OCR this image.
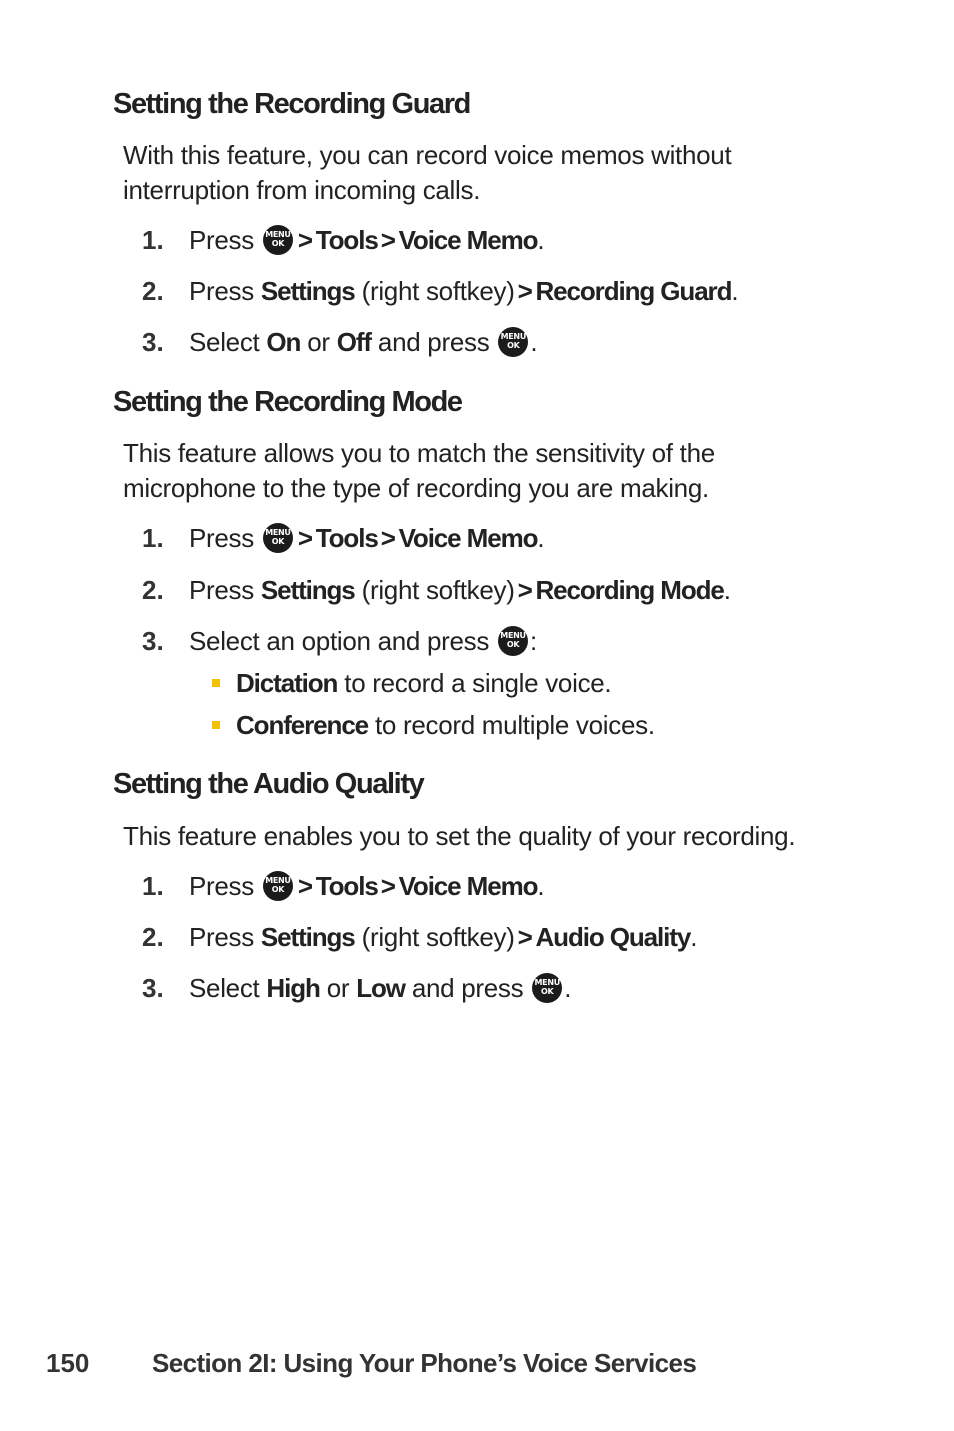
Setting the Recording Guard

With this feature, you can record voice memos without
interruption from incoming calls.

1. Press MENU
OK > Tools > Voice Memo.
2. Press Settings (right softkey) > Recording Guard.
3. Select On or Off and press MENU
OK .
Setting the Recording Mode

This feature allows you to match the sensitivity of the
microphone to the type of recording you are making.

1. Press MENU
OK > Tools > Voice Memo.
2. Press Settings (right softkey) > Recording Mode.
3. Select an option and press MENU
OK :
Dictation to record a single voice.
Conference to record multiple voices.
Setting the Audio Quality

This feature enables you to set the quality of your recording.

1. Press MENU
OK > Tools > Voice Memo.
2. Press Settings (right softkey) > Audio Quality.
3. Select High or Low and press MENU
OK .
150 Section 2I: Using Your Phone’s Voice Services
